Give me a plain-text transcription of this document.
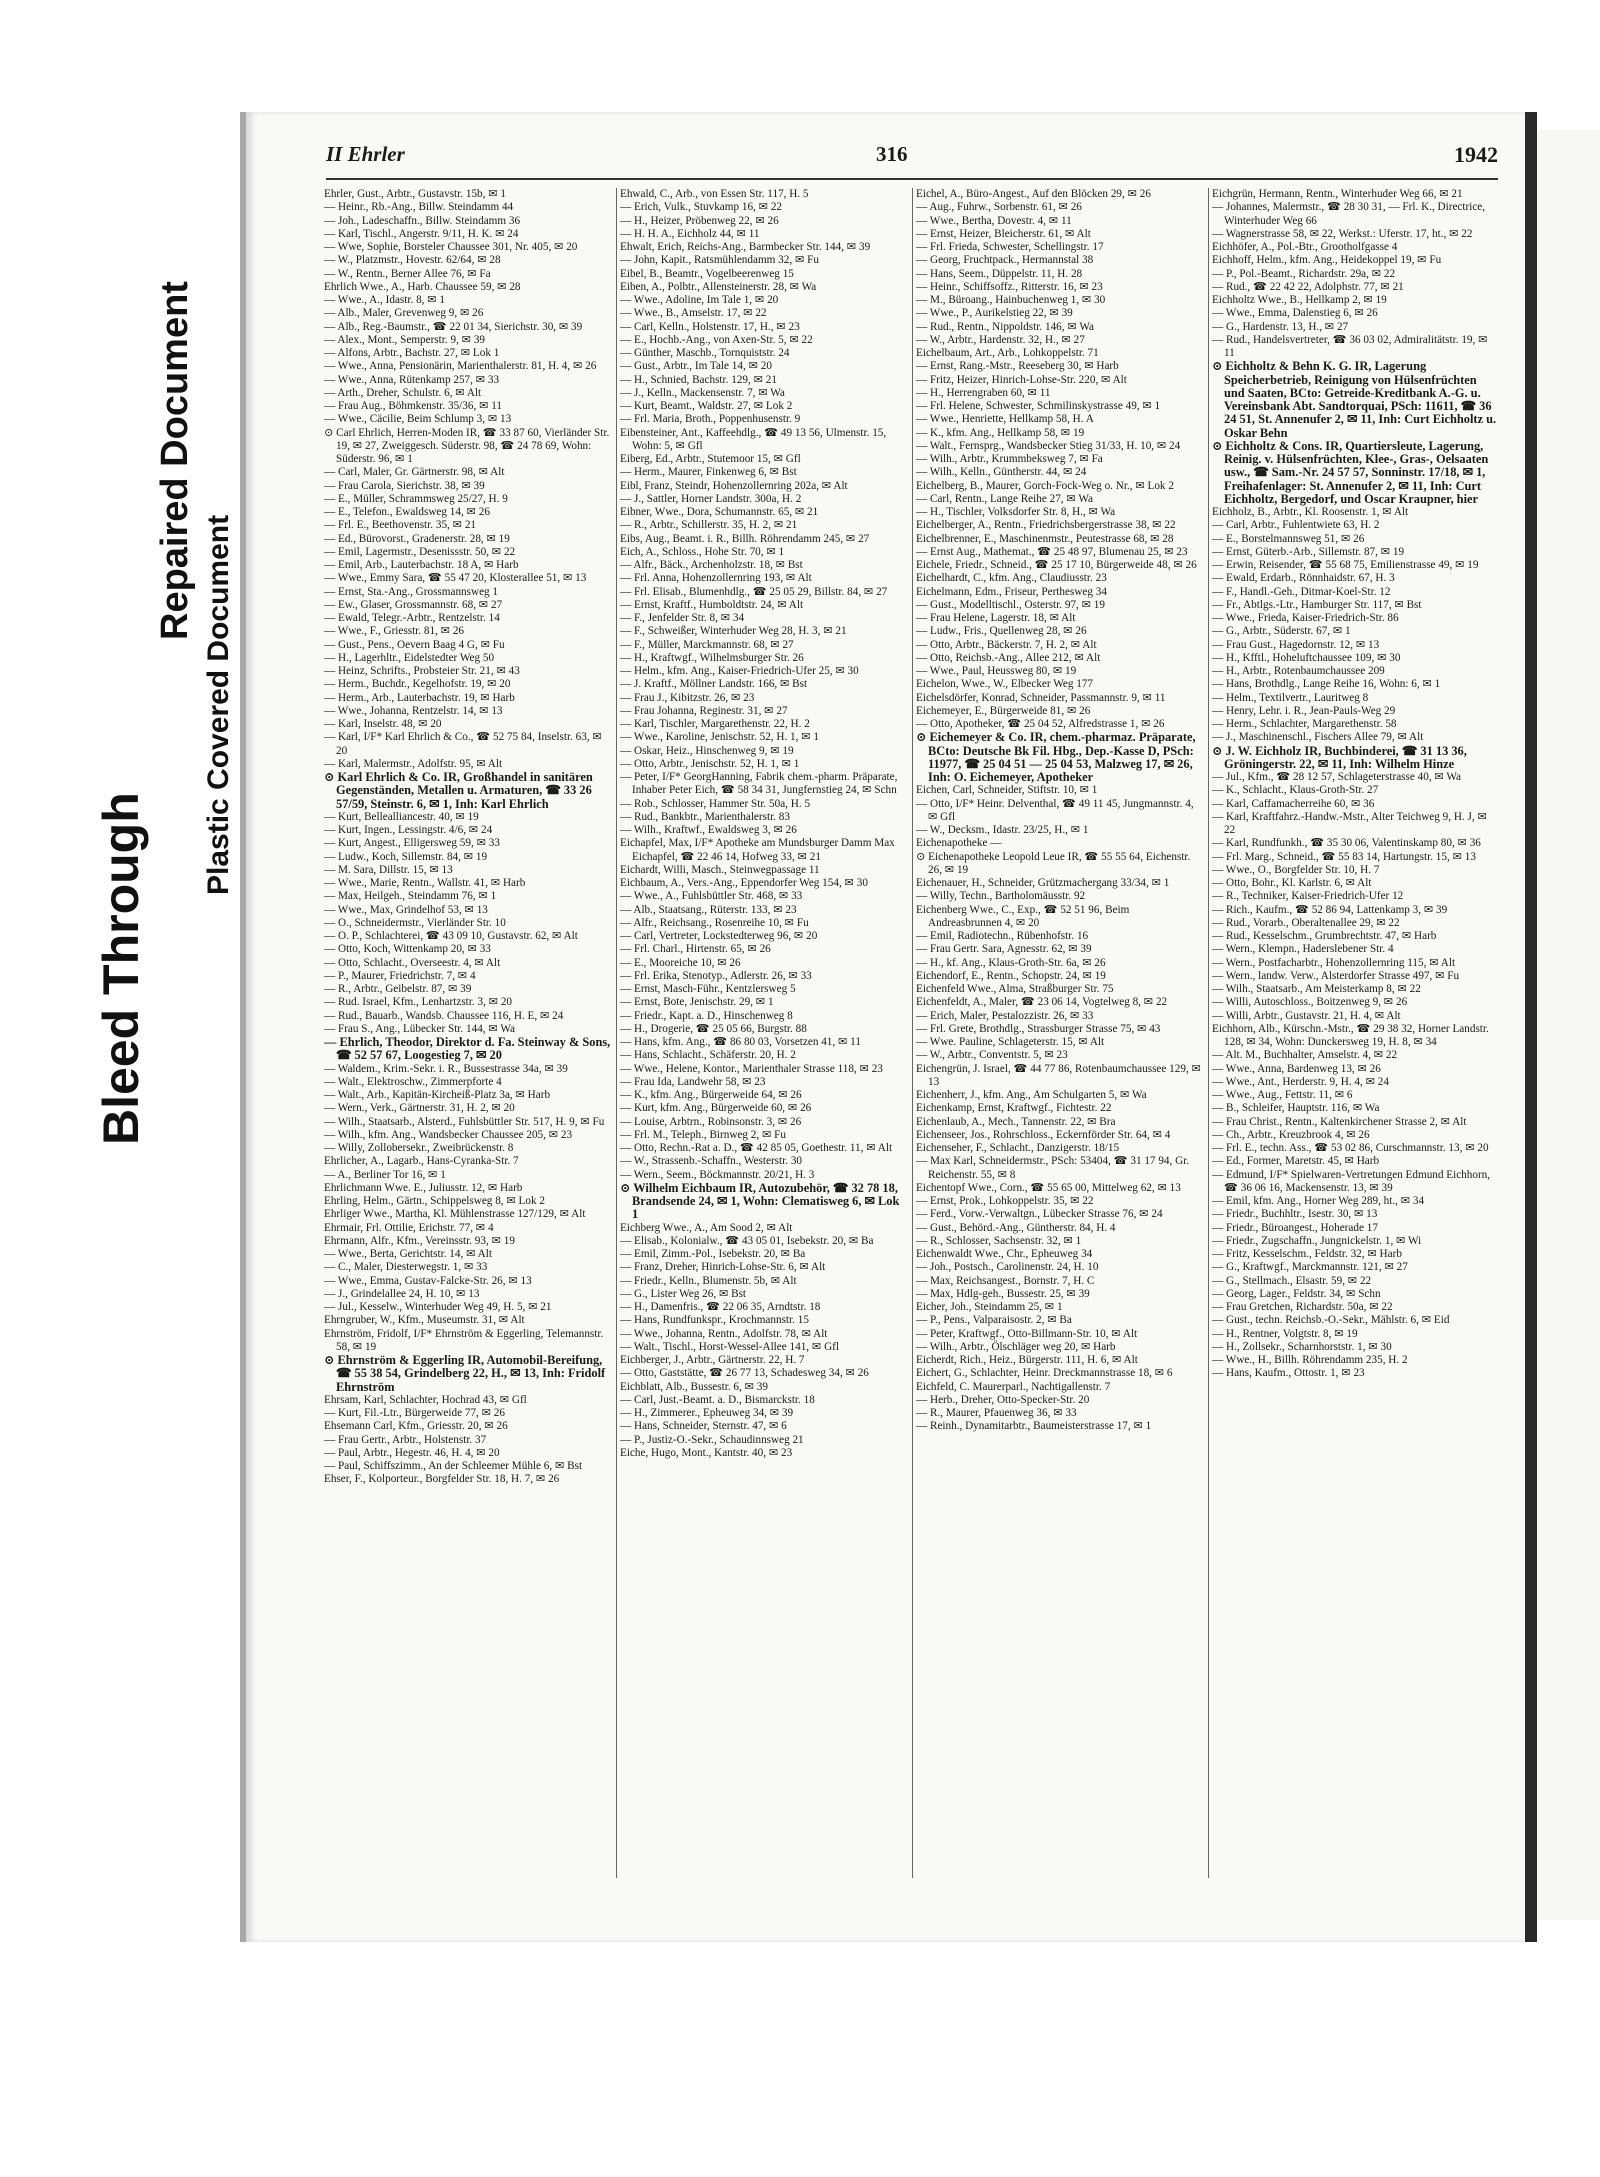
Bleed Through
Repaired Document
Plastic Covered Document
II Ehrler	316	1942

Ehrler, Gust., Arbtr., Gustavstr. 15b, ✉ 1

— Heinr., Rb.-Ang., Billw. Steindamm 44

— Joh., Ladeschaffn., Billw. Steindamm 36

— Karl, Tischl., Angerstr. 9/11, H. K. ✉ 24

— Wwe, Sophie, Borsteler Chaussee 301, Nr. 405, ✉ 20

— W., Platzmstr., Hovestr. 62/64, ✉ 28

— W., Rentn., Berner Allee 76, ✉ Fa

Ehrlich Wwe., A., Harb. Chaussee 59, ✉ 28

— Wwe., A., Idastr. 8, ✉ 1

— Alb., Maler, Grevenweg 9, ✉ 26

— Alb., Reg.-Baumstr., ☎ 22 01 34, Sierichstr. 30, ✉ 39

— Alex., Mont., Semperstr. 9, ✉ 39

— Alfons, Arbtr., Bachstr. 27, ✉ Lok 1

— Wwe., Anna, Pensionärin, Marienthalerstr. 81, H. 4, ✉ 26

— Wwe., Anna, Rütenkamp 257, ✉ 33

— Arth., Dreher, Schulstr. 6, ✉ Alt

— Frau Aug., Böhmkenstr. 35/36, ✉ 11

— Wwe., Cäcilie, Beim Schlump 3, ✉ 13

⊙ Carl Ehrlich, Herren-Moden IR, ☎ 33 87 60, Vierländer Str. 19, ✉ 27, Zweiggesch. Süderstr. 98, ☎ 24 78 69, Wohn: Süderstr. 96, ✉ 1

— Carl, Maler, Gr. Gärtnerstr. 98, ✉ Alt

— Frau Carola, Sierichstr. 38, ✉ 39

— E., Müller, Schrammsweg 25/27, H. 9

— E., Telefon., Ewaldsweg 14, ✉ 26

— Frl. E., Beethovenstr. 35, ✉ 21

— Ed., Bürovorst., Gradenerstr. 28, ✉ 19

— Emil, Lagermstr., Desenissstr. 50, ✉ 22

— Emil, Arb., Lauterbachstr. 18 A, ✉ Harb

— Wwe., Emmy Sara, ☎ 55 47 20, Klosterallee 51, ✉ 13

— Ernst, Sta.-Ang., Grossmannsweg 1

— Ew., Glaser, Grossmannstr. 68, ✉ 27

— Ewald, Telegr.-Arbtr., Rentzelstr. 14

— Wwe., F., Griesstr. 81, ✉ 26

— Gust., Pens., Oevern Baag 4 G, ✉ Fu

— H., Lagerhltr., Eidelstedter Weg 50

— Heinz, Schrifts., Probsteier Str. 21, ✉ 43

— Herm., Buchdr., Kegelhofstr. 19, ✉ 20

— Herm., Arb., Lauterbachstr. 19, ✉ Harb

— Wwe., Johanna, Rentzelstr. 14, ✉ 13

— Karl, Inselstr. 48, ✉ 20

— Karl, I/F* Karl Ehrlich & Co., ☎ 52 75 84, Inselstr. 63, ✉ 20

— Karl, Malermstr., Adolfstr. 95, ✉ Alt

⊙ Karl Ehrlich & Co. IR, Großhandel in sanitären Gegenständen, Metallen u. Armaturen, ☎ 33 26 57/59, Steinstr. 6, ✉ 1, Inh: Karl Ehrlich

— Kurt, Bellealliancestr. 40, ✉ 19

— Kurt, Ingen., Lessingstr. 4/6, ✉ 24

— Kurt, Angest., Elligersweg 59, ✉ 33

— Ludw., Koch, Sillemstr. 84, ✉ 19

— M. Sara, Dillstr. 15, ✉ 13

— Wwe., Marie, Rentn., Wallstr. 41, ✉ Harb

— Max, Heilgeh., Steindamm 76, ✉ 1

— Wwe., Max, Grindelhof 53, ✉ 13

— O., Schneidermstr., Vierländer Str. 10

— O. P., Schlachterei, ☎ 43 09 10, Gustavstr. 62, ✉ Alt

— Otto, Koch, Wittenkamp 20, ✉ 33

— Otto, Schlacht., Overseestr. 4, ✉ Alt

— P., Maurer, Friedrichstr. 7, ✉ 4

— R., Arbtr., Geibelstr. 87, ✉ 39

— Rud. Israel, Kfm., Lenhartzstr. 3, ✉ 20

— Rud., Bauarb., Wandsb. Chaussee 116, H. E, ✉ 24

— Frau S., Ang., Lübecker Str. 144, ✉ Wa

— Ehrlich, Theodor, Direktor d. Fa. Steinway & Sons, ☎ 52 57 67, Loogestieg 7, ✉ 20

— Waldem., Krim.-Sekr. i. R., Bussestrasse 34a, ✉ 39

— Walt., Elektroschw., Zimmerpforte 4

— Walt., Arb., Kapitän-Kircheiß-Platz 3a, ✉ Harb

— Wern., Verk., Gärtnerstr. 31, H. 2, ✉ 20

— Wilh., Staatsarb., Alsterd., Fuhlsbüttler Str. 517, H. 9, ✉ Fu

— Wilh., kfm. Ang., Wandsbecker Chaussee 205, ✉ 23

— Willy, Zollobersekr., Zweibrückenstr. 8

Ehrlicher, A., Lagarb., Hans-Cyranka-Str. 7

— A., Berliner Tor 16, ✉ 1

Ehrlichmann Wwe. E., Juliusstr. 12, ✉ Harb

Ehrling, Helm., Gärtn., Schippelsweg 8, ✉ Lok 2

Ehrliger Wwe., Martha, Kl. Mühlenstrasse 127/129, ✉ Alt

Ehrmair, Frl. Ottilie, Erichstr. 77, ✉ 4

Ehrmann, Alfr., Kfm., Vereinsstr. 93, ✉ 19

— Wwe., Berta, Gerichtstr. 14, ✉ Alt

— C., Maler, Diesterwegstr. 1, ✉ 33

— Wwe., Emma, Gustav-Falcke-Str. 26, ✉ 13

— J., Grindelallee 24, H. 10, ✉ 13

— Jul., Kesselw., Winterhuder Weg 49, H. 5, ✉ 21

Ehrngruber, W., Kfm., Museumstr. 31, ✉ Alt

Ehrnström, Fridolf, I/F* Ehrnström & Eggerling, Telemannstr. 58, ✉ 19

⊙ Ehrnström & Eggerling IR, Automobil-Bereifung, ☎ 55 38 54, Grindelberg 22, H., ✉ 13, Inh: Fridolf Ehrnström

Ehrsam, Karl, Schlachter, Hochrad 43, ✉ Gfl

— Kurt, Fil.-Ltr., Bürgerweide 77, ✉ 26

Ehsemann Carl, Kfm., Griesstr. 20, ✉ 26

— Frau Gertr., Arbtr., Holstenstr. 37

— Paul, Arbtr., Hegestr. 46, H. 4, ✉ 20

— Paul, Schiffszimm., An der Schleemer Mühle 6, ✉ Bst

Ehser, F., Kolporteur., Borgfelder Str. 18, H. 7, ✉ 26

Ehwald, C., Arb., von Essen Str. 117, H. 5

— Erich, Vulk., Stuvkamp 16, ✉ 22

— H., Heizer, Pröbenweg 22, ✉ 26

— H. H. A., Eichholz 44, ✉ 11

Ehwalt, Erich, Reichs-Ang., Barmbecker Str. 144, ✉ 39

— John, Kapit., Ratsmühlendamm 32, ✉ Fu

Eibel, B., Beamtr., Vogelbeerenweg 15

Eiben, A., Polbtr., Allensteinerstr. 28, ✉ Wa

— Wwe., Adoline, Im Tale 1, ✉ 20

— Wwe., B., Amselstr. 17, ✉ 22

— Carl, Kelln., Holstenstr. 17, H., ✉ 23

— E., Hochb.-Ang., von Axen-Str. 5, ✉ 22

— Günther, Maschb., Tornquiststr. 24

— Gust., Arbtr., Im Tale 14, ✉ 20

— H., Schnied, Bachstr. 129, ✉ 21

— J., Kelln., Mackensenstr. 7, ✉ Wa

— Kurt, Beamt., Waldstr. 27, ✉ Lok 2

— Frl. Maria, Broth., Poppenhusenstr. 9

Eibensteiner, Ant., Kaffeehdlg., ☎ 49 13 56, Ulmenstr. 15, Wohn: 5, ✉ Gfl

Eiberg, Ed., Arbtr., Stutemoor 15, ✉ Gfl

— Herm., Maurer, Finkenweg 6, ✉ Bst

Eibl, Franz, Steindr, Hohenzollernring 202a, ✉ Alt

— J., Sattler, Horner Landstr. 300a, H. 2

Eibner, Wwe., Dora, Schumannstr. 65, ✉ 21

— R., Arbtr., Schillerstr. 35, H. 2, ✉ 21

Eibs, Aug., Beamt. i. R., Billh. Röhrendamm 245, ✉ 27

Eich, A., Schloss., Hohe Str. 70, ✉ 1

— Alfr., Bäck., Archenholzstr. 18, ✉ Bst

— Frl. Anna, Hohenzollernring 193, ✉ Alt

— Frl. Elisab., Blumenhdlg., ☎ 25 05 29, Billstr. 84, ✉ 27

— Ernst, Kraftf., Humboldtstr. 24, ✉ Alt

— F., Jenfelder Str. 8, ✉ 34

— F., Schweißer, Winterhuder Weg 28, H. 3, ✉ 21

— F., Müller, Marckmannstr. 68, ✉ 27

— H., Kraftwgf., Wilhelmsburger Str. 26

— Helm., kfm. Ang., Kaiser-Friedrich-Ufer 25, ✉ 30

— J. Kraftf., Möllner Landstr. 166, ✉ Bst

— Frau J., Kibitzstr. 26, ✉ 23

— Frau Johanna, Reginestr. 31, ✉ 27

— Karl, Tischler, Margarethenstr. 22, H. 2

— Wwe., Karoline, Jenischstr. 52, H. 1, ✉ 1

— Oskar, Heiz., Hinschenweg 9, ✉ 19

— Otto, Arbtr., Jenischstr. 52, H. 1, ✉ 1

— Peter, I/F* GeorgHanning, Fabrik chem.-pharm. Präparate, Inhaber Peter Eich, ☎ 58 34 31, Jungfernstieg 24, ✉ Schn

— Rob., Schlosser, Hammer Str. 50a, H. 5

— Rud., Bankbtr., Marienthalerstr. 83

— Wilh., Kraftwf., Ewaldsweg 3, ✉ 26

Eichapfel, Max, I/F* Apotheke am Mundsburger Damm Max Eichapfel, ☎ 22 46 14, Hofweg 33, ✉ 21

Eichardt, Willi, Masch., Steinwegpassage 11

Eichbaum, A., Vers.-Ang., Eppendorfer Weg 154, ✉ 30

— Wwe., A., Fuhlsbüttler Str. 468, ✉ 33

— Alb., Staatsang., Rüterstr. 133, ✉ 23

— Alfr., Reichsang., Rosenreihe 10, ✉ Fu

— Carl, Vertreter, Lockstedterweg 96, ✉ 20

— Frl. Charl., Hirtenstr. 65, ✉ 26

— E., Mooreiche 10, ✉ 26

— Frl. Erika, Stenotyp., Adlerstr. 26, ✉ 33

— Ernst, Masch-Führ., Kentzlersweg 5

— Ernst, Bote, Jenischstr. 29, ✉ 1

— Friedr., Kapt. a. D., Hinschenweg 8

— H., Drogerie, ☎ 25 05 66, Burgstr. 88

— Hans, kfm. Ang., ☎ 86 80 03, Vorsetzen 41, ✉ 11

— Hans, Schlacht., Schäferstr. 20, H. 2

— Wwe., Helene, Kontor., Marienthaler Strasse 118, ✉ 23

— Frau Ida, Landwehr 58, ✉ 23

— K., kfm. Ang., Bürgerweide 64, ✉ 26

— Kurt, kfm. Ang., Bürgerweide 60, ✉ 26

— Louise, Arbtrn., Robinsonstr. 3, ✉ 26

— Frl. M., Teleph., Birnweg 2, ✉ Fu

— Otto, Rechn.-Rat a. D., ☎ 42 85 05, Goethestr. 11, ✉ Alt

— W., Strassenb.-Schaffn., Westerstr. 30

— Wern., Seem., Böckmannstr. 20/21, H. 3

⊙ Wilhelm Eichbaum IR, Autozubehör, ☎ 32 78 18, Brandsende 24, ✉ 1, Wohn: Clematisweg 6, ✉ Lok 1

Eichberg Wwe., A., Am Sood 2, ✉ Alt

— Elisab., Kolonialw., ☎ 43 05 01, Isebekstr. 20, ✉ Ba

— Emil, Zimm.-Pol., Isebekstr. 20, ✉ Ba

— Franz, Dreher, Hinrich-Lohse-Str. 6, ✉ Alt

— Friedr., Kelln., Blumenstr. 5b, ✉ Alt

— G., Lister Weg 26, ✉ Bst

— H., Damenfris., ☎ 22 06 35, Arndtstr. 18

— Hans, Rundfunkspr., Krochmannstr. 15

— Wwe., Johanna, Rentn., Adolfstr. 78, ✉ Alt

— Walt., Tischl., Horst-Wessel-Allee 141, ✉ Gfl

Eichberger, J., Arbtr., Gärtnerstr. 22, H. 7

— Otto, Gaststätte, ☎ 26 77 13, Schadesweg 34, ✉ 26

Eichblatt, Alb., Bussestr. 6, ✉ 39

— Carl, Just.-Beamt. a. D., Bismarckstr. 18

— H., Zimmerer., Epheuweg 34, ✉ 39

— Hans, Schneider, Sternstr. 47, ✉ 6

— P., Justiz-O.-Sekr., Schaudinnsweg 21

Eiche, Hugo, Mont., Kantstr. 40, ✉ 23

Eichel, A., Büro-Angest., Auf den Blöcken 29, ✉ 26

— Aug., Fuhrw., Sorbenstr. 61, ✉ 26

— Wwe., Bertha, Dovestr. 4, ✉ 11

— Ernst, Heizer, Bleicherstr. 61, ✉ Alt

— Frl. Frieda, Schwester, Schellingstr. 17

— Georg, Fruchtpack., Hermannstal 38

— Hans, Seem., Düppelstr. 11, H. 28

— Heinr., Schiffsoffz., Ritterstr. 16, ✉ 23

— M., Büroang., Hainbuchenweg 1, ✉ 30

— Wwe., P., Aurikelstieg 22, ✉ 39

— Rud., Rentn., Nippoldstr. 146, ✉ Wa

— W., Arbtr., Hardenstr. 32, H., ✉ 27

Eichelbaum, Art., Arb., Lohkoppelstr. 71

— Ernst, Rang.-Mstr., Reeseberg 30, ✉ Harb

— Fritz, Heizer, Hinrich-Lohse-Str. 220, ✉ Alt

— H., Herrengraben 60, ✉ 11

— Frl. Helene, Schwester, Schmilinskystrasse 49, ✉ 1

— Wwe., Henriette, Hellkamp 58, H. A

— K., kfm. Ang., Hellkamp 58, ✉ 19

— Walt., Fernsprg., Wandsbecker Stieg 31/33, H. 10, ✉ 24

— Wilh., Arbtr., Krummbeksweg 7, ✉ Fa

— Wilh., Kelln., Güntherstr. 44, ✉ 24

Eichelberg, B., Maurer, Gorch-Fock-Weg o. Nr., ✉ Lok 2

— Carl, Rentn., Lange Reihe 27, ✉ Wa

— H., Tischler, Volksdorfer Str. 8, H., ✉ Wa

Eichelberger, A., Rentn., Friedrichsbergerstrasse 38, ✉ 22

Eichelbrenner, E., Maschinenmstr., Peutestrasse 68, ✉ 28

— Ernst Aug., Mathemat., ☎ 25 48 97, Blumenau 25, ✉ 23

Eichele, Friedr., Schneid., ☎ 25 17 10, Bürgerweide 48, ✉ 26

Eichelhardt, C., kfm. Ang., Claudiusstr. 23

Eichelmann, Edm., Friseur, Perthesweg 34

— Gust., Modelltischl., Osterstr. 97, ✉ 19

— Frau Helene, Lagerstr. 18, ✉ Alt

— Ludw., Fris., Quellenweg 28, ✉ 26

— Otto, Arbtr., Bäckerstr. 7, H. 2, ✉ Alt

— Otto, Reichsb.-Ang., Allee 212, ✉ Alt

— Wwe., Paul, Heussweg 80, ✉ 19

Eichelon, Wwe., W., Elbecker Weg 177

Eichelsdörfer, Konrad, Schneider, Passmannstr. 9, ✉ 11

Eichemeyer, E., Bürgerweide 81, ✉ 26

— Otto, Apotheker, ☎ 25 04 52, Alfredstrasse 1, ✉ 26

⊙ Eichemeyer & Co. IR, chem.-pharmaz. Präparate, BCto: Deutsche Bk Fil. Hbg., Dep.-Kasse D, PSch: 11977, ☎ 25 04 51 — 25 04 53, Malzweg 17, ✉ 26, Inh: O. Eichemeyer, Apotheker

Eichen, Carl, Schneider, Stiftstr. 10, ✉ 1

— Otto, I/F* Heinr. Delventhal, ☎ 49 11 45, Jungmannstr. 4, ✉ Gfl

— W., Decksm., Idastr. 23/25, H., ✉ 1

Eichenapotheke —

⊙ Eichenapotheke Leopold Leue IR, ☎ 55 55 64, Eichenstr. 26, ✉ 19

Eichenauer, H., Schneider, Grützmachergang 33/34, ✉ 1

— Willy, Techn., Bartholomäusstr. 92

Eichenberg Wwe., C., Exp., ☎ 52 51 96, Beim Andreasbrunnen 4, ✉ 20

— Emil, Radiotechn., Rübenhofstr. 16

— Frau Gertr. Sara, Agnesstr. 62, ✉ 39

— H., kf. Ang., Klaus-Groth-Str. 6a, ✉ 26

Eichendorf, E., Rentn., Schopstr. 24, ✉ 19

Eichenfeld Wwe., Alma, Straßburger Str. 75

Eichenfeldt, A., Maler, ☎ 23 06 14, Vogtelweg 8, ✉ 22

— Erich, Maler, Pestalozzistr. 26, ✉ 33

— Frl. Grete, Brothdlg., Strassburger Strasse 75, ✉ 43

— Wwe. Pauline, Schlageterstr. 15, ✉ Alt

— W., Arbtr., Conventstr. 5, ✉ 23

Eichengrün, J. Israel, ☎ 44 77 86, Rotenbaumchaussee 129, ✉ 13

Eichenherr, J., kfm. Ang., Am Schulgarten 5, ✉ Wa

Eichenkamp, Ernst, Kraftwgf., Fichtestr. 22

Eichenlaub, A., Mech., Tannenstr. 22, ✉ Bra

Eichenseer, Jos., Rohrschloss., Eckernförder Str. 64, ✉ 4

Eichenseher, F., Schlacht., Danzigerstr. 18/15

— Max Karl, Schneidermstr., PSch: 53404, ☎ 31 17 94, Gr. Reichenstr. 55, ✉ 8

Eichentopf Wwe., Corn., ☎ 55 65 00, Mittelweg 62, ✉ 13

— Ernst, Prok., Lohkoppelstr. 35, ✉ 22

— Ferd., Vorw.-Verwaltgn., Lübecker Strasse 76, ✉ 24

— Gust., Behörd.-Ang., Güntherstr. 84, H. 4

— R., Schlosser, Sachsenstr. 32, ✉ 1

Eichenwaldt Wwe., Chr., Epheuweg 34

— Joh., Postsch., Carolinenstr. 24, H. 10

— Max, Reichsangest., Bornstr. 7, H. C

— Max, Hdlg-geh., Bussestr. 25, ✉ 39

Eicher, Joh., Steindamm 25, ✉ 1

— P., Pens., Valparaisostr. 2, ✉ Ba

— Peter, Kraftwgf., Otto-Billmann-Str. 10, ✉ Alt

— Wilh., Arbtr., Ölschläger weg 20, ✉ Harb

Eicherdt, Rich., Heiz., Bürgerstr. 111, H. 6, ✉ Alt

Eichert, G., Schlachter, Heinr. Dreckmannstrasse 18, ✉ 6

Eichfeld, C. Maurerparl., Nachtigallenstr. 7

— Herb., Dreher, Otto-Specker-Str. 20

— R., Maurer, Pfauenweg 36, ✉ 33

— Reinh., Dynamitarbtr., Baumeisterstrasse 17, ✉ 1

Eichgrün, Hermann, Rentn., Winterhuder Weg 66, ✉ 21

— Johannes, Malermstr., ☎ 28 30 31, — Frl. K., Directrice, Winterhuder Weg 66

— Wagnerstrasse 58, ✉ 22, Werkst.: Uferstr. 17, ht., ✉ 22

Eichhöfer, A., Pol.-Btr., Grootholfgasse 4

Eichhoff, Helm., kfm. Ang., Heidekoppel 19, ✉ Fu

— P., Pol.-Beamt., Richardstr. 29a, ✉ 22

— Rud., ☎ 22 42 22, Adolphstr. 77, ✉ 21

Eichholtz Wwe., B., Hellkamp 2, ✉ 19

— Wwe., Emma, Dalenstieg 6, ✉ 26

— G., Hardenstr. 13, H., ✉ 27

— Rud., Handelsvertreter, ☎ 36 03 02, Admiralitätstr. 19, ✉ 11

⊙ Eichholtz & Behn K. G. IR, Lagerung Speicherbetrieb, Reinigung von Hülsenfrüchten und Saaten, BCto: Getreide-Kreditbank A.-G. u. Vereinsbank Abt. Sandtorquai, PSch: 11611, ☎ 36 24 51, St. Annenufer 2, ✉ 11, Inh: Curt Eichholtz u. Oskar Behn

⊙ Eichholtz & Cons. IR, Quartiersleute, Lagerung, Reinig. v. Hülsenfrüchten, Klee-, Gras-, Oelsaaten usw., ☎ Sam.-Nr. 24 57 57, Sonninstr. 17/18, ✉ 1, Freihafenlager: St. Annenufer 2, ✉ 11, Inh: Curt Eichholtz, Bergedorf, und Oscar Kraupner, hier

Eichholz, B., Arbtr., Kl. Roosenstr. 1, ✉ Alt

— Carl, Arbtr., Fuhlentwiete 63, H. 2

— E., Borstelmannsweg 51, ✉ 26

— Ernst, Güterb.-Arb., Sillemstr. 87, ✉ 19

— Erwin, Reisender, ☎ 55 68 75, Emilienstrasse 49, ✉ 19

— Ewald, Erdarb., Rönnhaidstr. 67, H. 3

— F., Handl.-Geh., Ditmar-Koel-Str. 12

— Fr., Abtlgs.-Ltr., Hamburger Str. 117, ✉ Bst

— Wwe., Frieda, Kaiser-Friedrich-Str. 86

— G., Arbtr., Süderstr. 67, ✉ 1

— Frau Gust., Hagedornstr. 12, ✉ 13

— H., Kfftl., Hoheluftchaussee 109, ✉ 30

— H., Arbtr., Rotenbaumchaussee 209

— Hans, Brothdlg., Lange Reihe 16, Wohn: 6, ✉ 1

— Helm., Textilvertr., Lauritweg 8

— Henry, Lehr. i. R., Jean-Pauls-Weg 29

— Herm., Schlachter, Margarethenstr. 58

— J., Maschinenschl., Fischers Allee 79, ✉ Alt

⊙ J. W. Eichholz IR, Buchbinderei, ☎ 31 13 36, Gröningerstr. 22, ✉ 11, Inh: Wilhelm Hinze

— Jul., Kfm., ☎ 28 12 57, Schlageterstrasse 40, ✉ Wa

— K., Schlacht., Klaus-Groth-Str. 27

— Karl, Caffamacherreihe 60, ✉ 36

— Karl, Kraftfahrz.-Handw.-Mstr., Alter Teichweg 9, H. J, ✉ 22

— Karl, Rundfunkh., ☎ 35 30 06, Valentinskamp 80, ✉ 36

— Frl. Marg., Schneid., ☎ 55 83 14, Hartungstr. 15, ✉ 13

— Wwe., O., Borgfelder Str. 10, H. 7

— Otto, Bohr., Kl. Karlstr. 6, ✉ Alt

— R., Techniker, Kaiser-Friedrich-Ufer 12

— Rich., Kaufm., ☎ 52 86 94, Lattenkamp 3, ✉ 39

— Rud., Vorarb., Oberaltenallee 29, ✉ 22

— Rud., Kesselschm., Grumbrechtstr. 47, ✉ Harb

— Wern., Klempn., Haderslebener Str. 4

— Wern., Postfacharbtr., Hohenzollernring 115, ✉ Alt

— Wern., landw. Verw., Alsterdorfer Strasse 497, ✉ Fu

— Wilh., Staatsarb., Am Meisterkamp 8, ✉ 22

— Willi, Autoschloss., Boitzenweg 9, ✉ 26

— Willi, Arbtr., Gustavstr. 21, H. 4, ✉ Alt

Eichhorn, Alb., Kürschn.-Mstr., ☎ 29 38 32, Horner Landstr. 128, ✉ 34, Wohn: Dunckersweg 19, H. 8, ✉ 34

— Alt. M., Buchhalter, Amselstr. 4, ✉ 22

— Wwe., Anna, Bardenweg 13, ✉ 26

— Wwe., Ant., Herderstr. 9, H. 4, ✉ 24

— Wwe., Aug., Fettstr. 11, ✉ 6

— B., Schleifer, Hauptstr. 116, ✉ Wa

— Frau Christ., Rentn., Kaltenkirchener Strasse 2, ✉ Alt

— Ch., Arbtr., Kreuzbrook 4, ✉ 26

— Frl. E., techn. Ass., ☎ 53 02 86, Curschmannstr. 13, ✉ 20

— Ed., Former, Maretstr. 45, ✉ Harb

— Edmund, I/F* Spielwaren-Vertretungen Edmund Eichhorn, ☎ 36 06 16, Mackensenstr. 13, ✉ 39

— Emil, kfm. Ang., Horner Weg 289, ht., ✉ 34

— Friedr., Buchhltr., Isestr. 30, ✉ 13

— Friedr., Büroangest., Hoherade 17

— Friedr., Zugschaffn., Jungnickelstr. 1, ✉ Wi

— Fritz, Kesselschm., Feldstr. 32, ✉ Harb

— G., Kraftwgf., Marckmannstr. 121, ✉ 27

— G., Stellmach., Elsastr. 59, ✉ 22

— Georg, Lager., Feldstr. 34, ✉ Schn

— Frau Gretchen, Richardstr. 50a, ✉ 22

— Gust., techn. Reichsb.-O.-Sekr., Mählstr. 6, ✉ Eid

— H., Rentner, Volgtstr. 8, ✉ 19

— H., Zollsekr., Scharnhorststr. 1, ✉ 30

— Wwe., H., Billh. Röhrendamm 235, H. 2

— Hans, Kaufm., Ottostr. 1, ✉ 23
